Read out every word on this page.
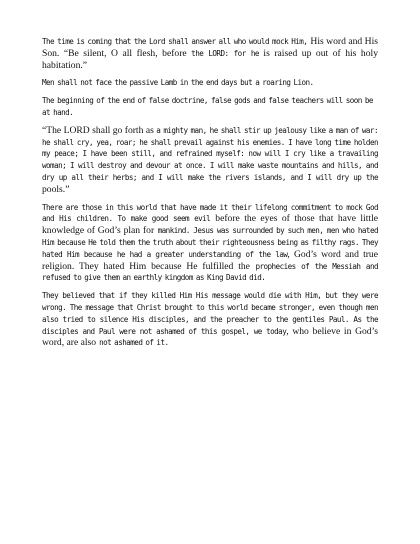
The time is coming that the Lord shall answer all who would mock Him, His word and His Son. “Be silent, O all flesh, before the LORD: for he is raised up out of his holy habitation.”

Men shall not face the passive Lamb in the end days but a roaring Lion.

The beginning of the end of false doctrine, false gods and false teachers will soon be at hand.

“The LORD shall go forth as a mighty man, he shall stir up jealousy like a man of war: he shall cry, yea, roar; he shall prevail against his enemies. I have long time holden my peace; I have been still, and refrained myself: now will I cry like a travailing woman; I will destroy and devour at once. I will make waste mountains and hills, and dry up all their herbs; and I will make the rivers islands, and I will dry up the pools.”

There are those in this world that have made it their lifelong commitment to mock God and His children. To make good seem evil before the eyes of those that have little knowledge of God’s plan for mankind. Jesus was surrounded by such men, men who hated Him because He told them the truth about their righteousness being as filthy rags. They hated Him because he had a greater understanding of the law, God’s word and true religion. They hated Him because He fulfilled the prophecies of the Messiah and refused to give them an earthly kingdom as King David did.

They believed that if they killed Him His message would die with Him, but they were wrong. The message that Christ brought to this world became stronger, even though men also tried to silence His disciples, and the preacher to the gentiles Paul. As the disciples and Paul were not ashamed of this gospel, we today, who believe in God’s word, are also not ashamed of it.
